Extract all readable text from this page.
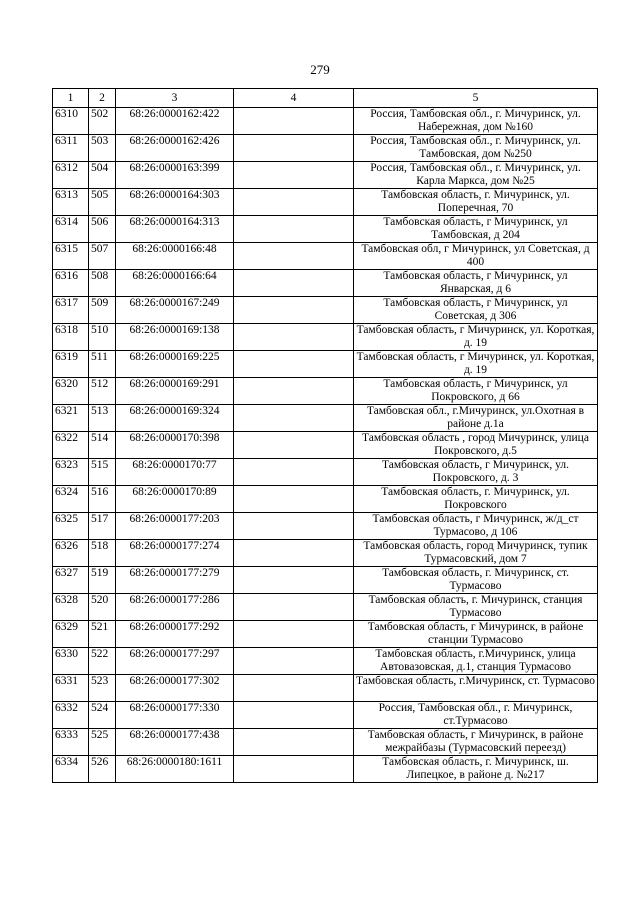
279
1	2	3	4	5
6310	502	68:26:0000162:422		Россия, Тамбовская обл., г. Мичуринск, ул. Набережная, дом №160
6311	503	68:26:0000162:426		Россия, Тамбовская обл., г. Мичуринск, ул. Тамбовская, дом №250
6312	504	68:26:0000163:399		Россия, Тамбовская обл., г. Мичуринск, ул. Карла Маркса, дом №25
6313	505	68:26:0000164:303		Тамбовская область, г. Мичуринск, ул. Поперечная, 70
6314	506	68:26:0000164:313		Тамбовская область, г Мичуринск, ул Тамбовская, д 204
6315	507	68:26:0000166:48		Тамбовская обл, г Мичуринск, ул Советская, д 400
6316	508	68:26:0000166:64		Тамбовская область, г Мичуринск, ул Январская, д 6
6317	509	68:26:0000167:249		Тамбовская область, г Мичуринск, ул Советская, д 306
6318	510	68:26:0000169:138		Тамбовская область, г Мичуринск, ул. Короткая, д. 19
6319	511	68:26:0000169:225		Тамбовская область, г Мичуринск, ул. Короткая, д. 19
6320	512	68:26:0000169:291		Тамбовская область, г Мичуринск, ул Покровского, д 66
6321	513	68:26:0000169:324		Тамбовская обл., г.Мичуринск, ул.Охотная в районе д.1а
6322	514	68:26:0000170:398		Тамбовская область , город Мичуринск, улица Покровского, д.5
6323	515	68:26:0000170:77		Тамбовская область, г Мичуринск, ул. Покровского, д. 3
6324	516	68:26:0000170:89		Тамбовская область, г. Мичуринск, ул. Покровского
6325	517	68:26:0000177:203		Тамбовская область, г Мичуринск, ж/д_ст Турмасово, д 106
6326	518	68:26:0000177:274		Тамбовская область, город Мичуринск, тупик Турмасовский, дом 7
6327	519	68:26:0000177:279		Тамбовская область, г. Мичуринск, ст. Турмасово
6328	520	68:26:0000177:286		Тамбовская область, г. Мичуринск, станция Турмасово
6329	521	68:26:0000177:292		Тамбовская область, г Мичуринск, в районе станции Турмасово
6330	522	68:26:0000177:297		Тамбовская область, г.Мичуринск, улица Автовазовская, д.1, станция Турмасово
6331	523	68:26:0000177:302		Тамбовская область, г.Мичуринск, ст. Турмасово
6332	524	68:26:0000177:330		Россия, Тамбовская обл., г. Мичуринск, ст.Турмасово
6333	525	68:26:0000177:438		Тамбовская область, г Мичуринск, в районе межрайбазы (Турмасовский переезд)
6334	526	68:26:0000180:1611		Тамбовская область, г. Мичуринск, ш. Липецкое, в районе д. №217
